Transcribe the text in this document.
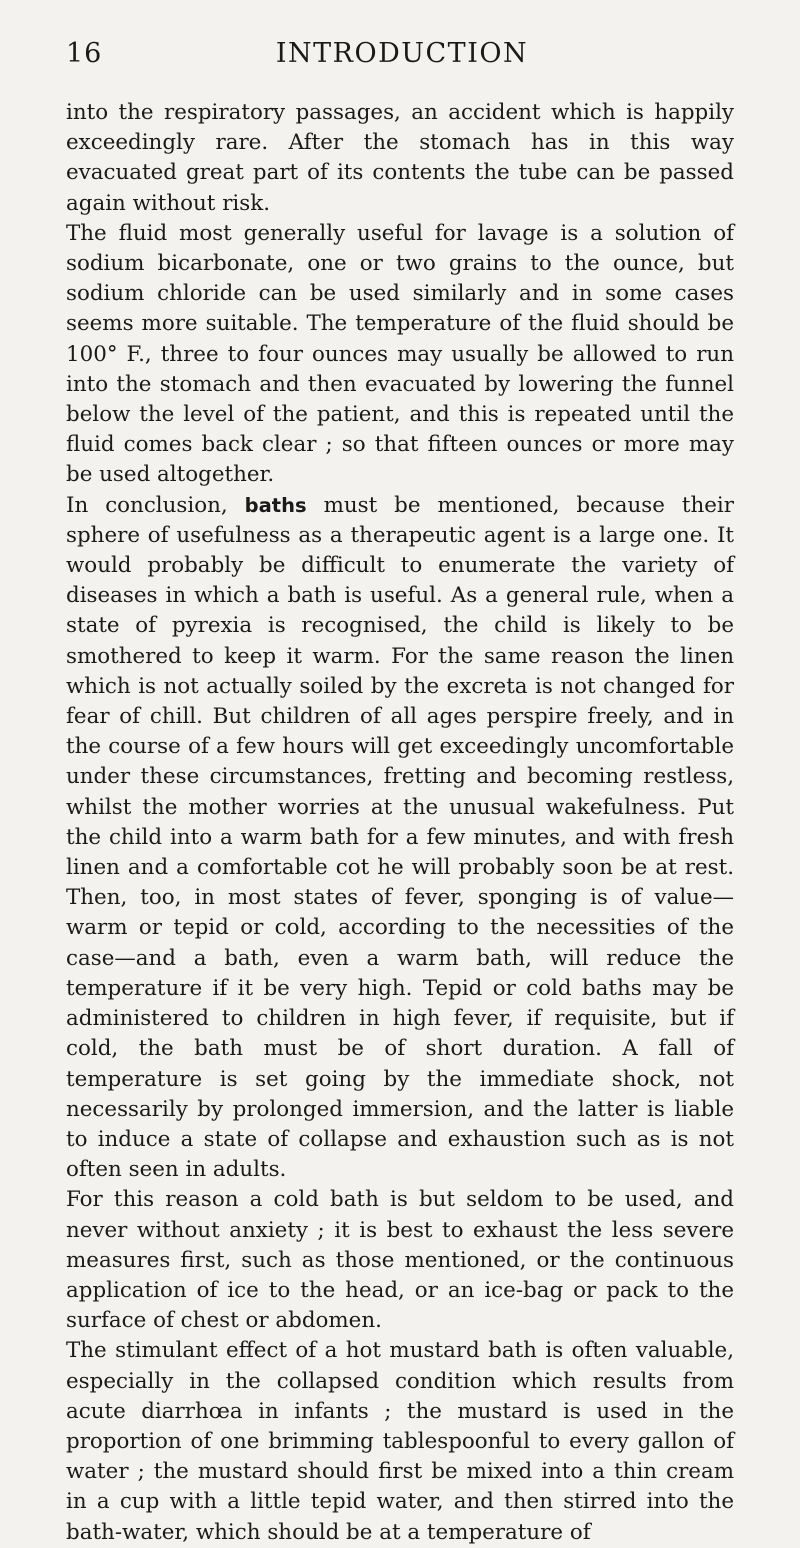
16	INTRODUCTION

into the respiratory passages, an accident which is happily exceedingly rare. After the stomach has in this way evacuated great part of its contents the tube can be passed again without risk.

The fluid most generally useful for lavage is a solution of sodium bicarbonate, one or two grains to the ounce, but sodium chloride can be used similarly and in some cases seems more suitable. The temperature of the fluid should be 100° F., three to four ounces may usually be allowed to run into the stomach and then evacuated by lowering the funnel below the level of the patient, and this is repeated until the fluid comes back clear ; so that fifteen ounces or more may be used altogether.

In conclusion, baths must be mentioned, because their sphere of usefulness as a therapeutic agent is a large one. It would probably be difficult to enumerate the variety of diseases in which a bath is useful. As a general rule, when a state of pyrexia is recognised, the child is likely to be smothered to keep it warm. For the same reason the linen which is not actually soiled by the excreta is not changed for fear of chill. But children of all ages perspire freely, and in the course of a few hours will get exceedingly uncomfortable under these circumstances, fretting and becoming restless, whilst the mother worries at the unusual wakefulness. Put the child into a warm bath for a few minutes, and with fresh linen and a comfortable cot he will probably soon be at rest. Then, too, in most states of fever, sponging is of value—warm or tepid or cold, according to the necessities of the case—and a bath, even a warm bath, will reduce the temperature if it be very high. Tepid or cold baths may be administered to children in high fever, if requisite, but if cold, the bath must be of short duration. A fall of temperature is set going by the immediate shock, not necessarily by prolonged immersion, and the latter is liable to induce a state of collapse and exhaustion such as is not often seen in adults.

For this reason a cold bath is but seldom to be used, and never without anxiety ; it is best to exhaust the less severe measures first, such as those mentioned, or the continuous application of ice to the head, or an ice-bag or pack to the surface of chest or abdomen.

The stimulant effect of a hot mustard bath is often valuable, especially in the collapsed condition which results from acute diarrhœa in infants ; the mustard is used in the proportion of one brimming tablespoonful to every gallon of water ; the mustard should first be mixed into a thin cream in a cup with a little tepid water, and then stirred into the bath-water, which should be at a temperature of
